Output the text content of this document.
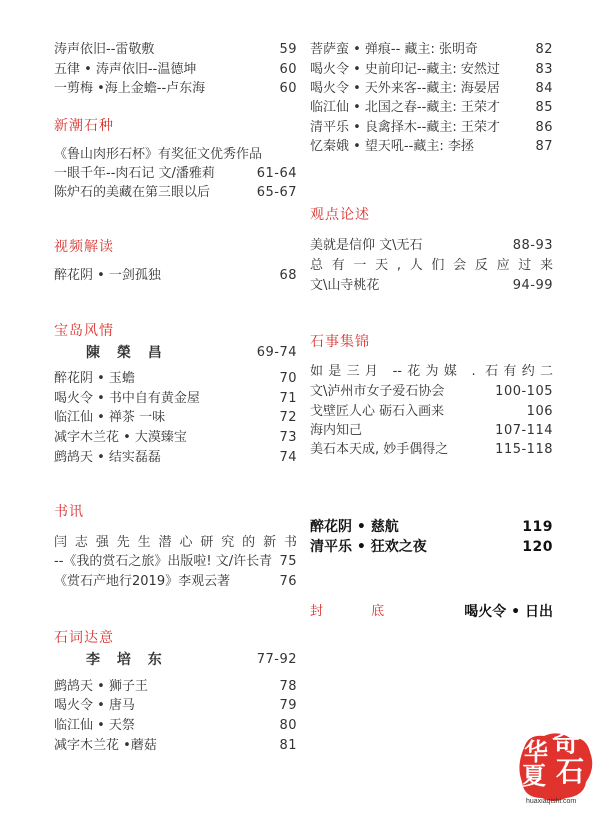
涛声依旧--雷敬敷	59
五律 • 涛声依旧--温德坤	60
一剪梅 •海上金蟾--卢东海	60
新潮石种
《鲁山肉形石杯》有奖征文优秀作品
一眼千年--肉石记 文/潘雅莉	61-64
陈炉石的美藏在第三眼以后	65-67
视频解读
醉花阴 • 一剑孤独	68
宝岛风情
陳 榮 昌	69-74
醉花阴 • 玉蟾	70
喝火令 • 书中自有黄金屋	71
临江仙 • 禅茶 一味	72
减字木兰花 • 大漠臻宝	73
鹧鸪天 • 结实磊磊	74
书讯
闫志强先生潜心研究的新书
--《我的赏石之旅》出版啦! 文/许长青 75
《赏石产地行2019》李观云著	76
石词达意
李 培 东	77-92
鹧鸪天 • 狮子王	78
喝火令 • 唐马	79
临江仙 • 天祭	80
减字木兰花 •蘑菇	81
菩萨蛮 • 弹痕-- 藏主: 张明奇	82
喝火令 • 史前印记--藏主: 安然过	83
喝火令 • 天外来客--藏主: 海晏居	84
临江仙 • 北国之春--藏主: 王荣才	85
清平乐 • 良禽择木--藏主: 王荣才	86
忆秦娥 • 望天吼--藏主: 李拯	87
观点论述
美就是信仰 文\无石	88-93
总有一天,人们会反应过来
文\山寺桃花	94-99
石事集锦
如是三月 --花为媒 . 石有约二
文\泸州市女子爱石协会	100-105
戈壁匠人心 砺石入画来	106
海内知己	107-114
美石本天成, 妙手偶得之	115-118
醉花阴 • 慈航	119
清平乐 • 狂欢之夜	120
封 底	喝火令 • 日出
华 奇
夏 石
huaxiaqishi.com
